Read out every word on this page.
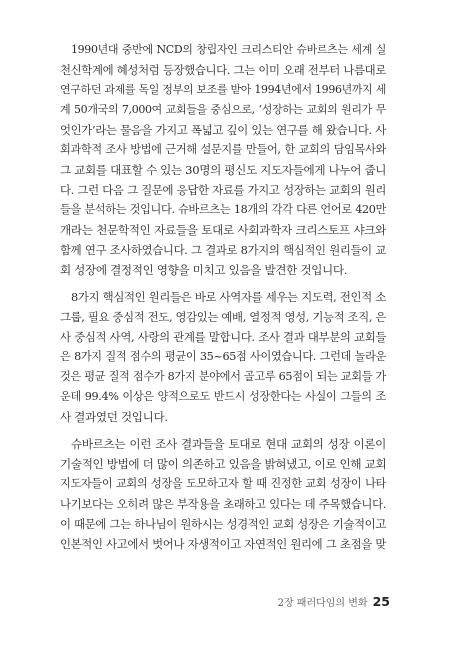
1990년대 중반에 NCD의 창립자인 크리스티안 슈바르츠는 세계 실
천신학계에 혜성처럼 등장했습니다. 그는 이미 오래 전부터 나름대로
연구하던 과제를 독일 정부의 보조를 받아 1994년에서 1996년까지 세
계 50개국의 7,000여 교회들을 중심으로, ‘성장하는 교회의 원리가 무
엇인가’라는 물음을 가지고 폭넓고 깊이 있는 연구를 해 왔습니다. 사
회과학적 조사 방법에 근거해 설문지를 만들어, 한 교회의 담임목사와
그 교회를 대표할 수 있는 30명의 평신도 지도자들에게 나누어 줍니
다. 그런 다음 그 질문에 응답한 자료를 가지고 성장하는 교회의 원리
들을 분석하는 것입니다. 슈바르츠는 18개의 각각 다른 언어로 420만
개라는 천문학적인 자료들을 토대로 사회과학자 크리스토프 샤크와
함께 연구 조사하였습니다. 그 결과로 8가지의 핵심적인 원리들이 교
회 성장에 결정적인 영향을 미치고 있음을 발견한 것입니다.
8가지 핵심적인 원리들은 바로 사역자를 세우는 지도력, 전인적 소
그룹, 필요 중심적 전도, 영감있는 예배, 열정적 영성, 기능적 조직, 은
사 중심적 사역, 사랑의 관계를 말합니다. 조사 결과 대부분의 교회들
은 8가지 질적 점수의 평균이 35~65점 사이였습니다. 그런데 놀라운
것은 평균 질적 점수가 8가지 분야에서 골고루 65점이 되는 교회들 가
운데 99.4% 이상은 양적으로도 반드시 성장한다는 사실이 그들의 조
사 결과였던 것입니다.
슈바르츠는 이런 조사 결과들을 토대로 현대 교회의 성장 이론이
기술적인 방법에 더 많이 의존하고 있음을 밝혀냈고, 이로 인해 교회
지도자들이 교회의 성장을 도모하고자 할 때 진정한 교회 성장이 나타
나기보다는 오히려 많은 부작용을 초래하고 있다는 데 주목했습니다.
이 때문에 그는 하나님이 원하시는 성경적인 교회 성장은 기술적이고
인본적인 사고에서 벗어나 자생적이고 자연적인 원리에 그 초점을 맞
2장 패러다임의 변화 25
